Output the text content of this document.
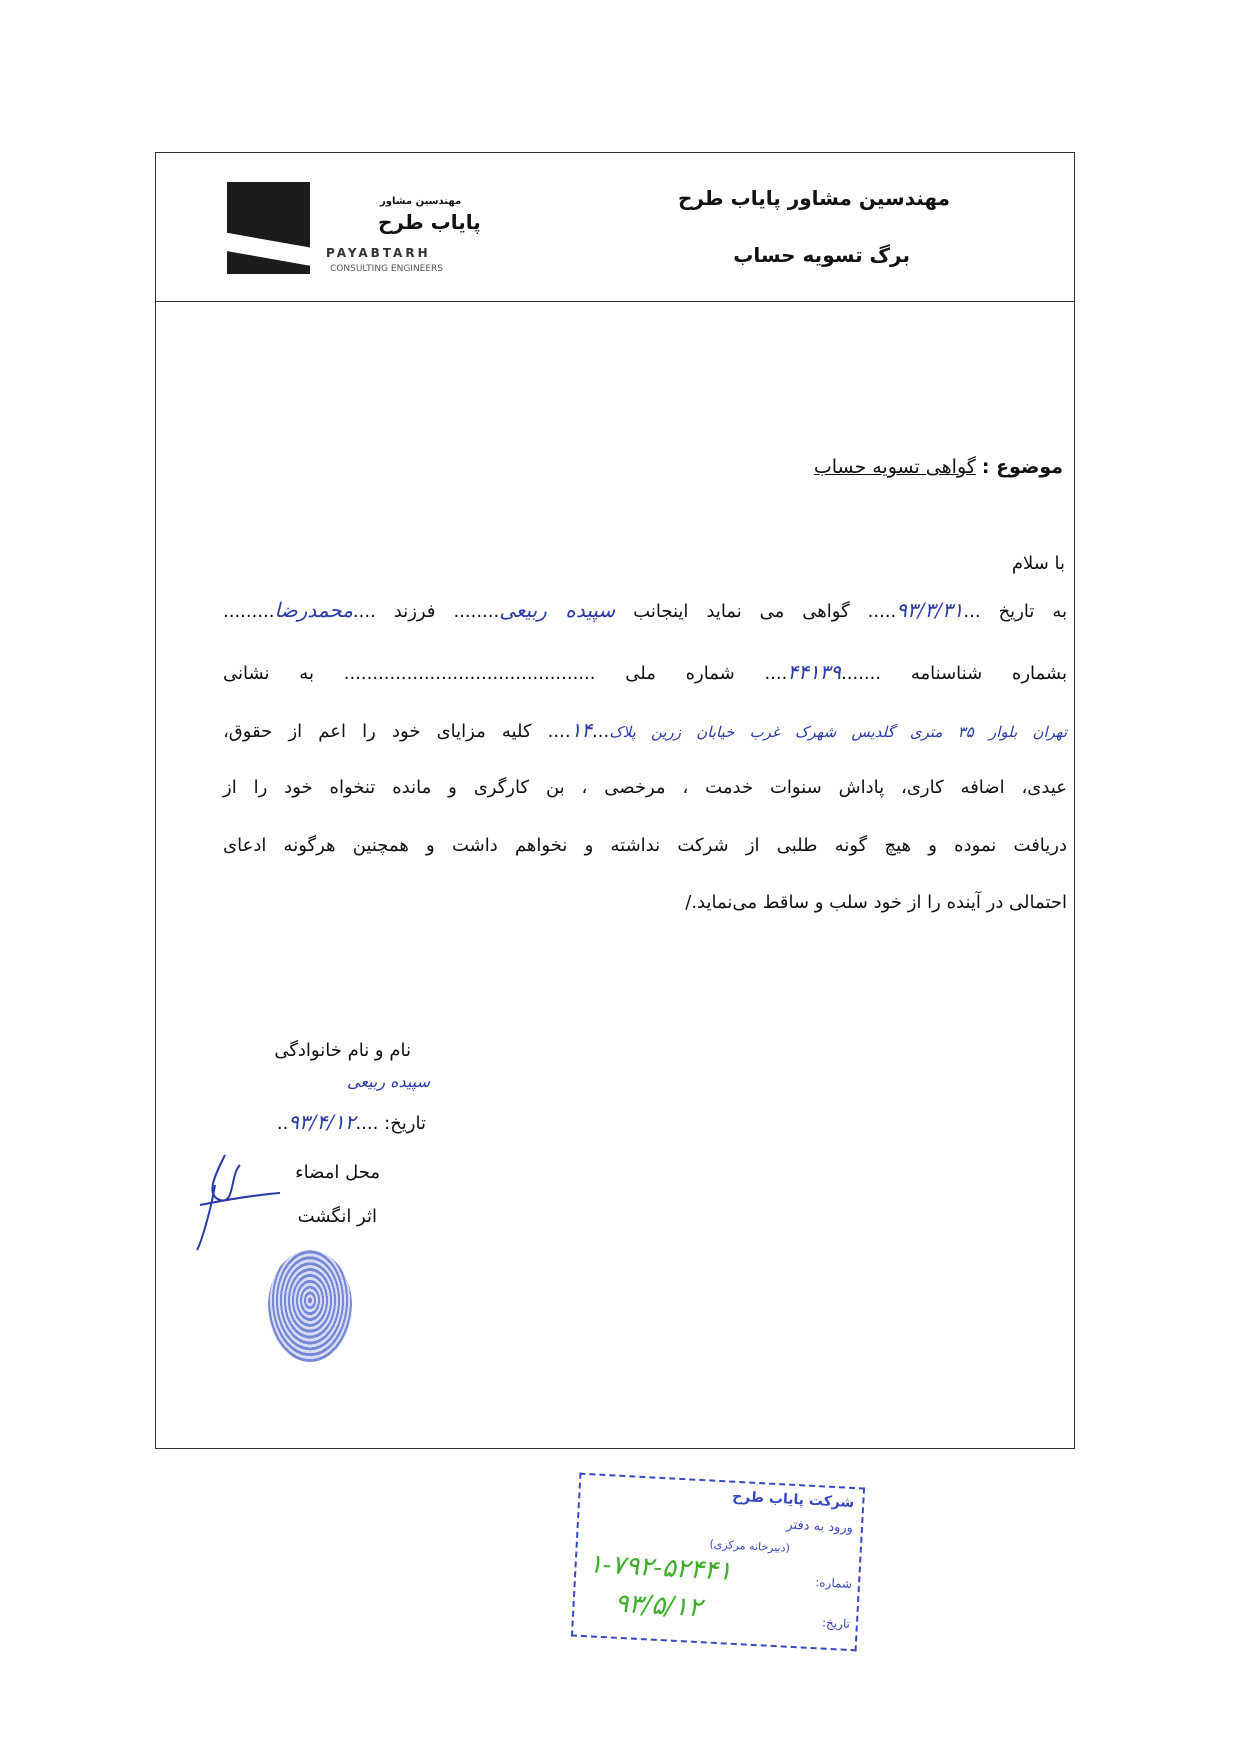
مهندسین مشاور
پایاب طرح
PAYABTARH
CONSULTING ENGINEERS
مهندسین مشاور پایاب طرح
برگ تسویه حساب
موضوع : گواهی تسویه حساب
با سلام
به تاریخ ...۹۳/۳/۳۱..... گواهی می نماید اینجانب سپیده ربیعی........ فرزند ....محمدرضا.........
بشماره شناسنامه .......۴۴۱۳۹.... شماره ملی ............................................ به نشانی
تهران بلوار ۳۵ متری گلدیس شهرک غرب خیابان زرین پلاک...۱۴.... کلیه مزایای خود را اعم از حقوق،
عیدی، اضافه کاری، پاداش سنوات خدمت ، مرخصی ، بن کارگری و مانده تنخواه خود را از
دریافت نموده و هیچ گونه طلبی از شرکت نداشته و نخواهم داشت و همچنین هرگونه ادعای
احتمالی در آینده را از خود سلب و ساقط می‌نماید./
نام و نام خانوادگی
سپیده ربیعی
تاریخ: ....۹۳/۴/۱۲..
محل امضاء
اثر انگشت
شرکت پایاب طرح
ورود به دفتر
(دبیرخانه مرکزی)
شماره:
۱-۷۹۲-۵۲۴۴۱
تاریخ:
۹۳/۵/۱۲
